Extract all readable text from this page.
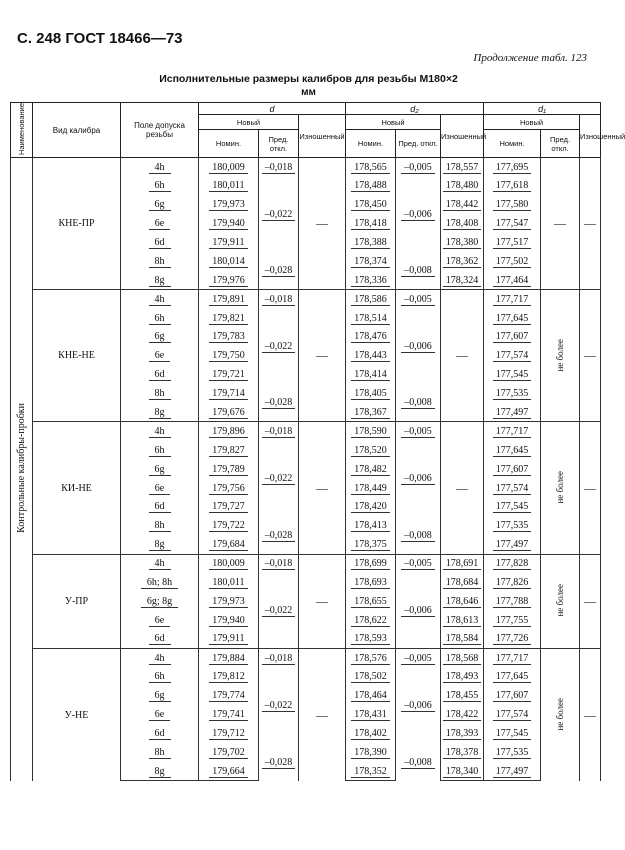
С. 248 ГОСТ 18466—73
Продолжение табл. 123
Исполнительные размеры калибров для резьбы M180×2
мм
Наименование	Вид калибра	Поле допуска резьбы	d			d₂			d₁		
			Новый		Изношенный	Новый		Изношенный	Новый		Изношенный
			Номин.	Пред. откл.		Номин.	Пред. откл.		Номин.	Пред. откл.	
Контрольные калибры-пробки	КНЕ-ПР	4h	180,009	–0,018	—	178,565	–0,005	178,557	177,695	—	—
		6h	180,011	–0,022		178,488	–0,006	178,480	177,618		
		6g	179,973			178,450		178,442	177,580		
		6e	179,940			178,418		178,408	177,547		
		6d	179,911			178,388		178,380	177,517		
		8h	180,014	–0,028		178,374	–0,008	178,362	177,502		
		8g	179,976			178,336		178,324	177,464		
	КНЕ-НЕ	4h	179,891	–0,018	—	178,586	–0,005	—	177,717	не более	—
		6h	179,821	–0,022		178,514	–0,006		177,645		
		6g	179,783			178,476			177,607		
		6e	179,750			178,443			177,574		
		6d	179,721			178,414			177,545		
		8h	179,714	–0,028		178,405	–0,008		177,535		
		8g	179,676			178,367			177,497		
	КИ-НЕ	4h	179,896	–0,018	—	178,590	–0,005	—	177,717	не более	—
		6h	179,827	–0,022		178,520	–0,006		177,645		
		6g	179,789			178,482			177,607		
		6e	179,756			178,449			177,574		
		6d	179,727			178,420			177,545		
		8h	179,722	–0,028		178,413	–0,008		177,535		
		8g	179,684			178,375			177,497		
	У-ПР	4h	180,009	–0,018	—	178,699	–0,005	178,691	177,828	не более	—
		6h; 8h	180,011	–0,022		178,693	–0,006	178,684	177,826		
		6g; 8g	179,973			178,655		178,646	177,788		
		6e	179,940			178,622		178,613	177,755		
		6d	179,911			178,593		178,584	177,726		
	У-НЕ	4h	179,884	–0,018	—	178,576	–0,005	178,568	177,717	не более	—
		6h	179,812	–0,022		178,502	–0,006	178,493	177,645		
		6g	179,774			178,464		178,455	177,607		
		6e	179,741			178,431		178,422	177,574		
		6d	179,712			178,402		178,393	177,545		
		8h	179,702	–0,028		178,390	–0,008	178,378	177,535		
		8g	179,664			178,352		178,340	177,497		
